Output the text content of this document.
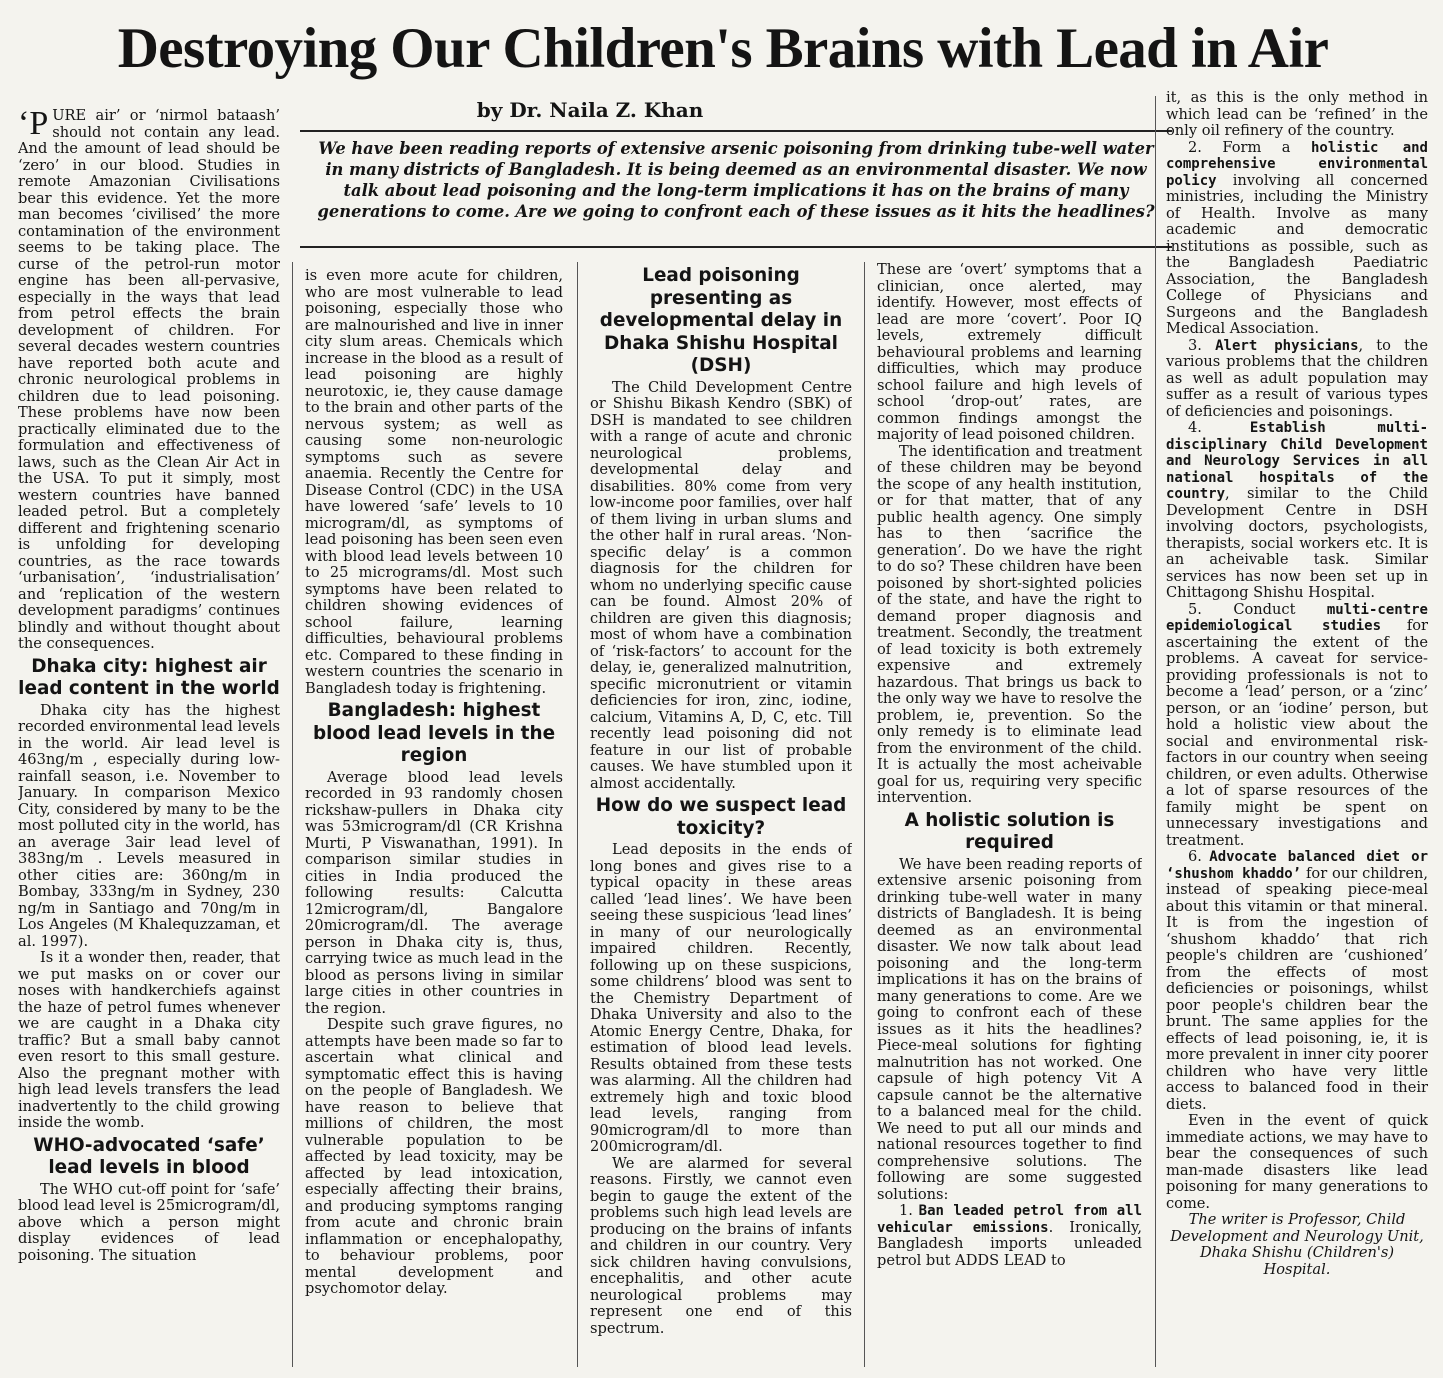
Destroying Our Children's Brains with Lead in Air
by Dr. Naila Z. Khan
We have been reading reports of extensive arsenic poisoning from drinking tube-well water in many districts of Bangladesh. It is being deemed as an environmental disaster. We now talk about lead poisoning and the long-term implications it has on the brains of many generations to come. Are we going to confront each of these issues as it hits the headlines?

‘P URE air’ or ‘nirmol bataash’ should not contain any lead. And the amount of lead should be ‘zero’ in our blood. Studies in remote Amazonian Civilisations bear this evidence. Yet the more man becomes ‘civilised’ the more contamination of the environment seems to be taking place. The curse of the petrol-run motor engine has been all-pervasive, especially in the ways that lead from petrol effects the brain development of children. For several decades western countries have reported both acute and chronic neurological problems in children due to lead poisoning. These problems have now been practically eliminated due to the formulation and effectiveness of laws, such as the Clean Air Act in the USA. To put it simply, most western countries have banned leaded petrol. But a completely different and frightening scenario is unfolding for developing countries, as the race towards ‘urbanisation’, ‘industrialisation’ and ‘replication of the western development paradigms’ continues blindly and without thought about the consequences.

Dhaka city: highest air lead content in the world

Dhaka city has the highest recorded environmental lead levels in the world. Air lead level is 463ng/m , especially during low-rainfall season, i.e. November to January. In comparison Mexico City, considered by many to be the most polluted city in the world, has an average 3air lead level of 383ng/m . Levels measured in other cities are: 360ng/m in Bombay, 333ng/m in Sydney, 230 ng/m in Santiago and 70ng/m in Los Angeles (M Khalequzzaman, et al. 1997).

Is it a wonder then, reader, that we put masks on or cover our noses with handkerchiefs against the haze of petrol fumes whenever we are caught in a Dhaka city traffic? But a small baby cannot even resort to this small gesture. Also the pregnant mother with high lead levels transfers the lead inadvertently to the child growing inside the womb.

WHO-advocated ‘safe’ lead levels in blood

The WHO cut-off point for ‘safe’ blood lead level is 25microgram/dl, above which a person might display evidences of lead poisoning. The situation

is even more acute for children, who are most vulnerable to lead poisoning, especially those who are malnourished and live in inner city slum areas. Chemicals which increase in the blood as a result of lead poisoning are highly neurotoxic, ie, they cause damage to the brain and other parts of the nervous system; as well as causing some non-neurologic symptoms such as severe anaemia. Recently the Centre for Disease Control (CDC) in the USA have lowered ‘safe’ levels to 10 microgram/dl, as symptoms of lead poisoning has been seen even with blood lead levels between 10 to 25 micrograms/dl. Most such symptoms have been related to children showing evidences of school failure, learning difficulties, behavioural problems etc. Compared to these finding in western countries the scenario in Bangladesh today is frightening.

Bangladesh: highest blood lead levels in the region

Average blood lead levels recorded in 93 randomly chosen rickshaw-pullers in Dhaka city was 53microgram/dl (CR Krishna Murti, P Viswanathan, 1991). In comparison similar studies in cities in India produced the following results: Calcutta 12microgram/dl, Bangalore 20microgram/dl. The average person in Dhaka city is, thus, carrying twice as much lead in the blood as persons living in similar large cities in other countries in the region.

Despite such grave figures, no attempts have been made so far to ascertain what clinical and symptomatic effect this is having on the people of Bangladesh. We have reason to believe that millions of children, the most vulnerable population to be affected by lead toxicity, may be affected by lead intoxication, especially affecting their brains, and producing symptoms ranging from acute and chronic brain inflammation or encephalopathy, to behaviour problems, poor mental development and psychomotor delay.

Lead poisoning presenting as developmental delay in Dhaka Shishu Hospital (DSH)

The Child Development Centre or Shishu Bikash Kendro (SBK) of DSH is mandated to see children with a range of acute and chronic neurological problems, developmental delay and disabilities. 80% come from very low-income poor families, over half of them living in urban slums and the other half in rural areas. ‘Non-specific delay’ is a common diagnosis for the children for whom no underlying specific cause can be found. Almost 20% of children are given this diagnosis; most of whom have a combination of ‘risk-factors’ to account for the delay, ie, generalized malnutrition, specific micronutrient or vitamin deficiencies for iron, zinc, iodine, calcium, Vitamins A, D, C, etc. Till recently lead poisoning did not feature in our list of probable causes. We have stumbled upon it almost accidentally.

How do we suspect lead toxicity?

Lead deposits in the ends of long bones and gives rise to a typical opacity in these areas called ‘lead lines’. We have been seeing these suspicious ‘lead lines’ in many of our neurologically impaired children. Recently, following up on these suspicions, some childrens’ blood was sent to the Chemistry Department of Dhaka University and also to the Atomic Energy Centre, Dhaka, for estimation of blood lead levels. Results obtained from these tests was alarming. All the children had extremely high and toxic blood lead levels, ranging from 90microgram/dl to more than 200microgram/dl.

We are alarmed for several reasons. Firstly, we cannot even begin to gauge the extent of the problems such high lead levels are producing on the brains of infants and children in our country. Very sick children having convulsions, encephalitis, and other acute neurological problems may represent one end of this spectrum.

These are ‘overt’ symptoms that a clinician, once alerted, may identify. However, most effects of lead are more ‘covert’. Poor IQ levels, extremely difficult behavioural problems and learning difficulties, which may produce school failure and high levels of school ‘drop-out’ rates, are common findings amongst the majority of lead poisoned children.

The identification and treatment of these children may be beyond the scope of any health institution, or for that matter, that of any public health agency. One simply has to then ‘sacrifice the generation’. Do we have the right to do so? These children have been poisoned by short-sighted policies of the state, and have the right to demand proper diagnosis and treatment. Secondly, the treatment of lead toxicity is both extremely expensive and extremely hazardous. That brings us back to the only way we have to resolve the problem, ie, prevention. So the only remedy is to eliminate lead from the environment of the child. It is actually the most acheivable goal for us, requiring very specific intervention.

A holistic solution is required

We have been reading reports of extensive arsenic poisoning from drinking tube-well water in many districts of Bangladesh. It is being deemed as an environmental disaster. We now talk about lead poisoning and the long-term implications it has on the brains of many generations to come. Are we going to confront each of these issues as it hits the headlines? Piece-meal solutions for fighting malnutrition has not worked. One capsule of high potency Vit A capsule cannot be the alternative to a balanced meal for the child. We need to put all our minds and national resources together to find comprehensive solutions. The following are some suggested solutions:

1. Ban leaded petrol from all vehicular emissions. Ironically, Bangladesh imports unleaded petrol but ADDS LEAD to

it, as this is the only method in which lead can be ‘refined’ in the only oil refinery of the country.

2. Form a holistic and comprehensive environmental policy involving all concerned ministries, including the Ministry of Health. Involve as many academic and democratic institutions as possible, such as the Bangladesh Paediatric Association, the Bangladesh College of Physicians and Surgeons and the Bangladesh Medical Association.

3. Alert physicians, to the various problems that the children as well as adult population may suffer as a result of various types of deficiencies and poisonings.

4.	Establish multi-disciplinary Child Development and Neurology Services in all national hospitals of the country, similar to the Child Development Centre in DSH involving doctors, psychologists, therapists, social workers etc. It is an acheivable task. Similar services has now been set up in Chittagong Shishu Hospital.

5. Conduct multi-centre epidemiological studies for ascertaining the extent of the problems. A caveat for service-providing professionals is not to become a ‘lead’ person, or a ‘zinc’ person, or an ‘iodine’ person, but hold a holistic view about the social and environmental risk-factors in our country when seeing children, or even adults. Otherwise a lot of sparse resources of the family might be spent on unnecessary investigations and treatment.

6. Advocate balanced diet or ‘shushom khaddo’ for our children, instead of speaking piece-meal about this vitamin or that mineral. It is from the ingestion of ‘shushom khaddo’ that rich people's children are ‘cushioned’ from the effects of most deficiencies or poisonings, whilst poor people's children bear the brunt. The same applies for the effects of lead poisoning, ie, it is more prevalent in inner city poorer children who have very little access to balanced food in their diets.

Even in the event of quick immediate actions, we may have to bear the consequences of such man-made disasters like lead poisoning for many generations to come.

The writer is Professor, Child Development and Neurology Unit, Dhaka Shishu (Children's) Hospital.
